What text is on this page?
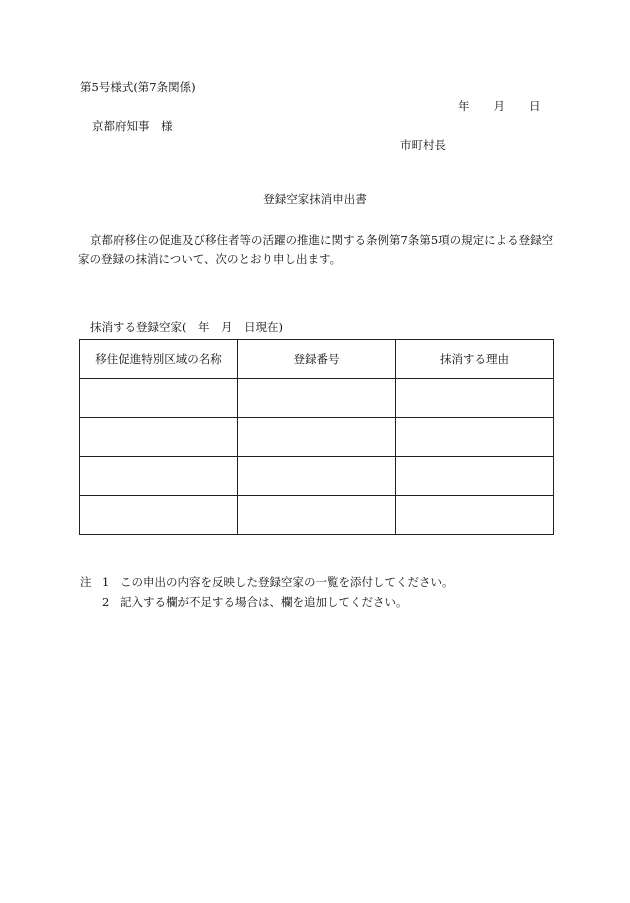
第5号様式(第7条関係)
年 月 日
京都府知事　様
市町村長
登録空家抹消申出書
京都府移住の促進及び移住者等の活躍の推進に関する条例第7条第5項の規定による登録空家の登録の抹消について、次のとおり申し出ます。
抹消する登録空家(　年　月　日現在)
移住促進特別区域の名称	登録番号	抹消する理由

注 1 この申出の内容を反映した登録空家の一覧を添付してください。
2 記入する欄が不足する場合は、欄を追加してください。
